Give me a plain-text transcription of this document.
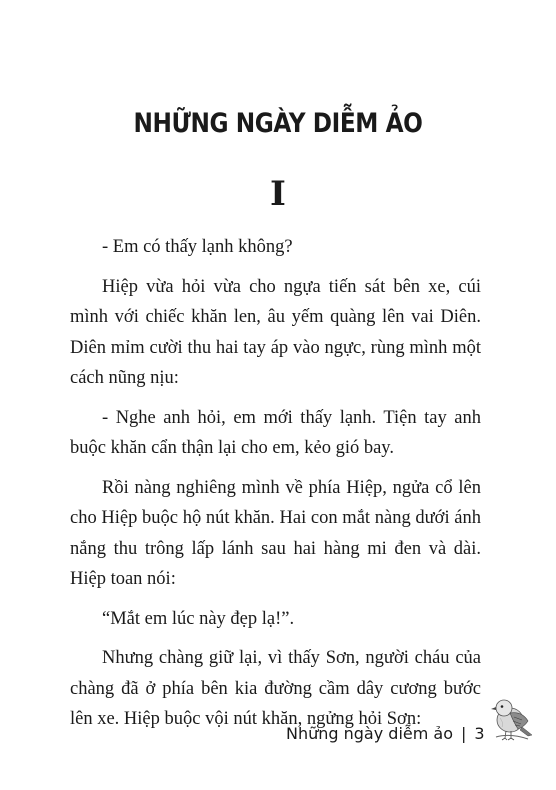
NHỮNG NGÀY DIỄM ẢO
I

- Em có thấy lạnh không?

Hiệp vừa hỏi vừa cho ngựa tiến sát bên xe, cúi mình với chiếc khăn len, âu yếm quàng lên vai Diên. Diên mỉm cười thu hai tay áp vào ngực, rùng mình một cách nũng nịu:

- Nghe anh hỏi, em mới thấy lạnh. Tiện tay anh buộc khăn cẩn thận lại cho em, kẻo gió bay.

Rồi nàng nghiêng mình về phía Hiệp, ngửa cổ lên cho Hiệp buộc hộ nút khăn. Hai con mắt nàng dưới ánh nắng thu trông lấp lánh sau hai hàng mi đen và dài. Hiệp toan nói:

“Mắt em lúc này đẹp lạ!”.

Nhưng chàng giữ lại, vì thấy Sơn, người cháu của chàng đã ở phía bên kia đường cầm dây cương bước lên xe. Hiệp buộc vội nút khăn, ngửng hỏi Sơn:

Những ngày diễm ảo | 3
